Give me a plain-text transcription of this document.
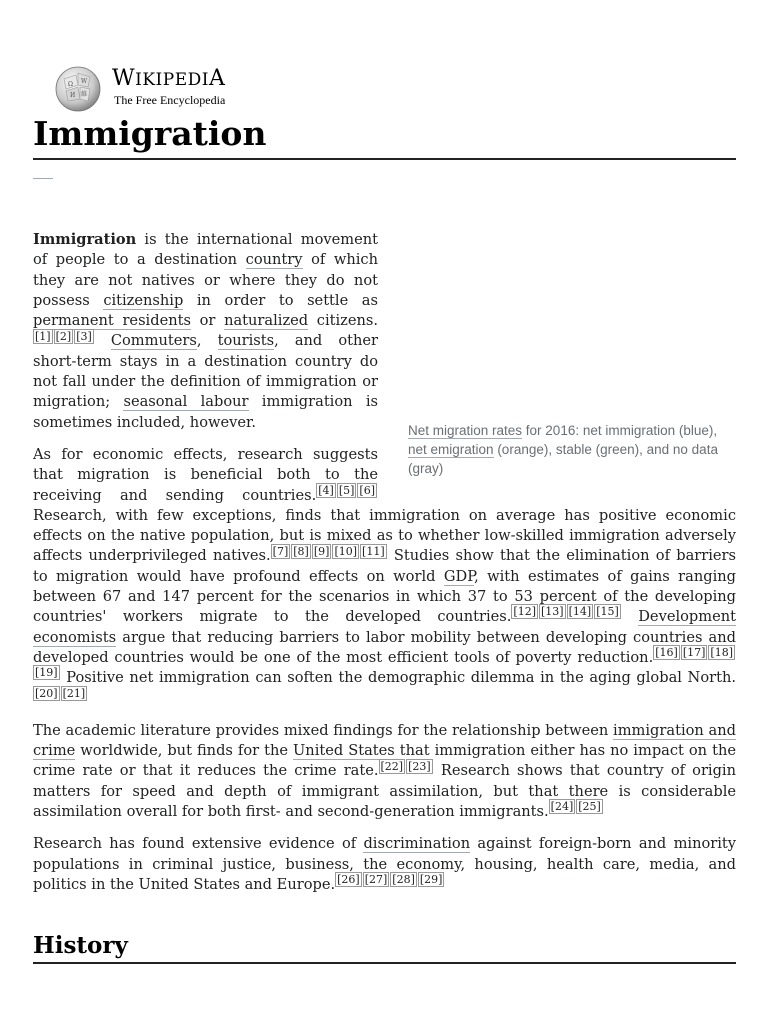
Ω W
И 維
WIKIPEDIA
The Free Encyclopedia
Immigration
Net migration rates for 2016: net immigration (blue), net emigration (orange), stable (green), and no data (gray)

Immigration is the international movement of people to a destination country of which they are not natives or where they do not possess citizenship in order to settle as permanent residents or naturalized citizens.[1] [2] [3] Commuters, tourists, and other short-term stays in a destination country do not fall under the definition of immigration or migration; seasonal labour immigration is sometimes included, however.

As for economic effects, research suggests that migration is beneficial both to the receiving and sending countries. [4] [5] [6] Research, with few exceptions, finds that immigration on average has positive economic effects on the native population, but is mixed as to whether low-skilled immigration adversely affects underprivileged natives. [7] [8] [9] [10] [11] Studies show that the elimination of barriers to migration would have profound effects on world GDP, with estimates of gains ranging between 67 and 147 percent for the scenarios in which 37 to 53 percent of the developing countries' workers migrate to the developed countries. [12] [13] [14] [15] Development economists argue that reducing barriers to labor mobility between developing countries and developed countries would be one of the most efficient tools of poverty reduction. [16] [17] [18][19] Positive net immigration can soften the demographic dilemma in the aging global North.[20] [21]

The academic literature provides mixed findings for the relationship between immigration and crime worldwide, but finds for the United States that immigration either has no impact on the crime rate or that it reduces the crime rate. [22] [23] Research shows that country of origin matters for speed and depth of immigrant assimilation, but that there is considerable assimilation overall for both first- and second-generation immigrants. [24] [25]

Research has found extensive evidence of discrimination against foreign-born and minority populations in criminal justice, business, the economy, housing, health care, media, and politics in the United States and Europe. [26] [27] [28] [29]

History
